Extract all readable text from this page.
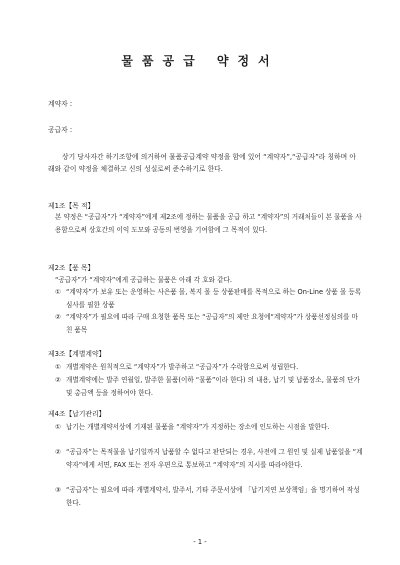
물품공급 약정서
계약자 :
공급자 :
상기 당사자간 하기조항에 의거하여 물품공급계약 약정을 함에 있어 “계약자”,“공급자”라 칭하며 아래와 같이 약정을 체결하고 신의 성실로써 준수하기로 한다.
제1조【목 적】
본 약정은 “공급자”가 “계약자”에게 제2조에 정하는 물품을 공급 하고 “계약자”의 거래처들이 본 물품을 사용함으로써 상호간의 이익 도모와 공동의 번영을 기여함에 그 목적이 있다.
제2조【품 목】
“공급자”가 “계약자”에게 공급하는 물품은 아래 각 호와 같다.
① “계약자”가 보유 또는 운영하는 사은품 몰, 복지 몰 등 상품판매를 목적으로 하는 On-Line 상품 몰 등록심사를 필한 상품
② “계약자”가 필요에 따라 구매 요청한 품목 또는 “공급자”의 제안 요청에“계약자”가 상품선정심의를 마친 품목
제3조【계별계약】
① 개별계약은 원칙적으로 “계약자”가 발주하고 “공급자”가 수락함으로써 성립한다.
② 개별계약에는 발주 연월일, 발주한 물품(이하 “물품”이라 한다) 의 내용, 납기 및 납품장소, 물품의 단가 및 총금액 등을 정하여야 한다.
제4조【납기관리】
① 납기는 개별계약서상에 기재된 물품을 “계약자”가 지정하는 장소에 인도하는 시점을 말한다.
② “공급자”는 목적물을 납기일까지 납품할 수 없다고 판단되는 경우, 사전에 그 원인 및 실제 납품일을 “계약자”에게 서면, FAX 또는 전자 우편으로 통보하고 “계약자”의 지시를 따라야한다.
③ “공급자”는 필요에 따라 개별계약서, 발주서, 기타 주문서상에 「납기지연 보상책임」을 명기하여 작성한다.
- 1 -
